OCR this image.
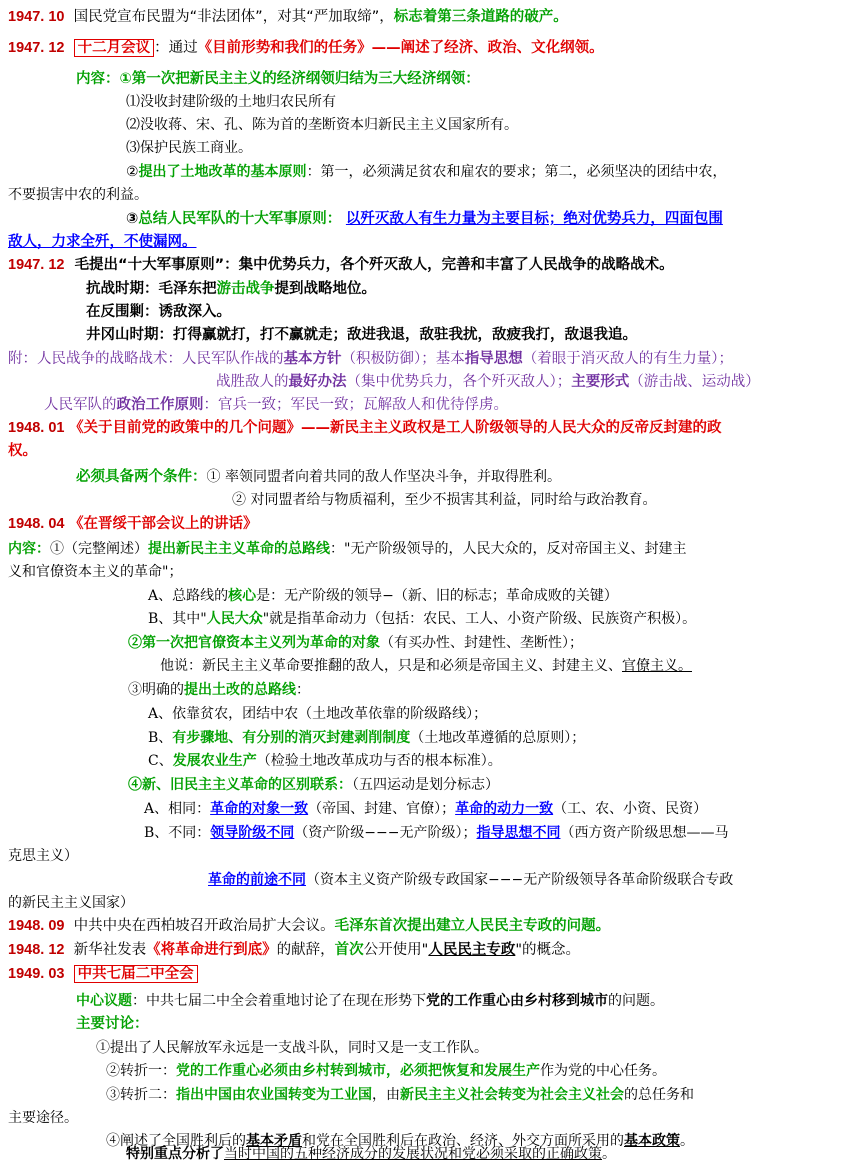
1947. 10 国民党宣布民盟为“非法团体”，对其“严加取缔”，标志着第三条道路的破产。
1947. 12 十二月会议 ：通过《目前形势和我们的任务》——阐述了经济、政治、文化纲领。
内容：①第一次把新民主主义的经济纲领归结为三大经济纲领：
⑴没收封建阶级的土地归农民所有
⑵没收蒋、宋、孔、陈为首的垄断资本归新民主主义国家所有。
⑶保护民族工商业。
②提出了土地改革的基本原则：第一，必须满足贫农和雇农的要求；第二，必须坚决的团结中农，
不要损害中农的利益。
③总结人民军队的十大军事原则： 以歼灭敌人有生力量为主要目标；绝对优势兵力，四面包围
敌人，力求全歼，不使漏网。
1947. 12 毛提出“十大军事原则”：集中优势兵力，各个歼灭敌人，完善和丰富了人民战争的战略战术。
抗战时期：毛泽东把游击战争提到战略地位。
在反围剿：诱敌深入。
井冈山时期：打得赢就打，打不赢就走；敌进我退，敌驻我扰，敌疲我打，敌退我追。
附：人民战争的战略战术：人民军队作战的基本方针（积极防御）；基本指导思想（着眼于消灭敌人的有生力量）；
战胜敌人的最好办法（集中优势兵力，各个歼灭敌人）；主要形式（游击战、运动战）
人民军队的政治工作原则：官兵一致；军民一致；瓦解敌人和优待俘虏。
1948. 01 《关于目前党的政策中的几个问题》——新民主主义政权是工人阶级领导的人民大众的反帝反封建的政
权。
必须具备两个条件：① 率领同盟者向着共同的敌人作坚决斗争，并取得胜利。
② 对同盟者给与物质福利，至少不损害其利益，同时给与政治教育。
1948. 04 《在晋绥干部会议上的讲话》
内容：①（完整阐述）提出新民主主义革命的总路线："无产阶级领导的，人民大众的，反对帝国主义、封建主
义和官僚资本主义的革命"；
A、总路线的核心是：无产阶级的领导−（新、旧的标志；革命成败的关键）
B、其中"人民大众"就是指革命动力（包括：农民、工人、小资产阶级、民族资产积极）。
②第一次把官僚资本主义列为革命的对象（有买办性、封建性、垄断性）；
他说：新民主主义革命要推翻的敌人，只是和必须是帝国主义、封建主义、官僚主义。
③明确的提出土改的总路线：
A、依靠贫农，团结中农（土地改革依靠的阶级路线）；
B、有步骤地、有分别的消灭封建剥削制度（土地改革遵循的总原则）；
C、发展农业生产（检验土地改革成功与否的根本标准）。
④新、旧民主主义革命的区别联系：（五四运动是划分标志）
A、相同：革命的对象一致（帝国、封建、官僚）；革命的动力一致（工、农、小资、民资）
B、不同：领导阶级不同（资产阶级−−−无产阶级）；指导思想不同（西方资产阶级思想——马
克思主义）
革命的前途不同（资本主义资产阶级专政国家−−−无产阶级领导各革命阶级联合专政
的新民主主义国家）
1948. 09 中共中央在西柏坡召开政治局扩大会议。毛泽东首次提出建立人民民主专政的问题。
1948. 12 新华社发表《将革命进行到底》的献辞，首次公开使用"人民民主专政"的概念。
1949. 03 中共七届二中全会
中心议题：中共七届二中全会着重地讨论了在现在形势下党的工作重心由乡村移到城市的问题。
主要讨论：
①提出了人民解放军永远是一支战斗队，同时又是一支工作队。
②转折一：党的工作重心必须由乡村转到城市，必须把恢复和发展生产作为党的中心任务。
③转折二：指出中国由农业国转变为工业国，由新民主主义社会转变为社会主义社会的总任务和
主要途径。
④阐述了全国胜利后的基本矛盾和党在全国胜利后在政治、经济、外交方面所采用的基本政策。
特别重点分析了当时中国的五种经济成分的发展状况和党必须采取的正确政策。
